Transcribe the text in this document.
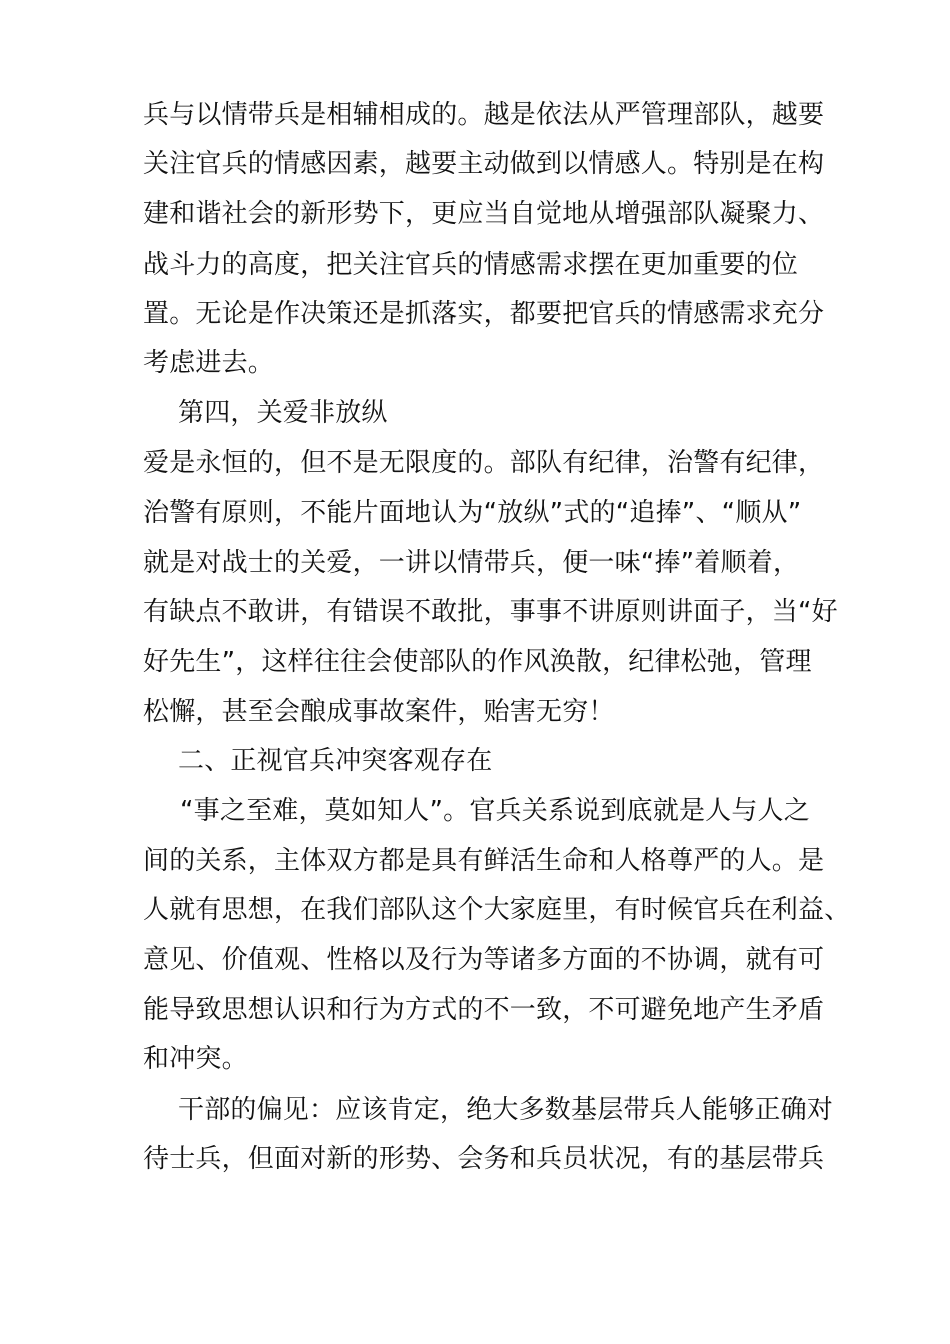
兵与以情带兵是相辅相成的。越是依法从严管理部队，越要
关注官兵的情感因素，越要主动做到以情感人。特别是在构
建和谐社会的新形势下，更应当自觉地从增强部队凝聚力、
战斗力的高度，把关注官兵的情感需求摆在更加重要的位
置。无论是作决策还是抓落实，都要把官兵的情感需求充分
考虑进去。
第四，关爱非放纵
爱是永恒的，但不是无限度的。部队有纪律，治警有纪律，
治警有原则，不能片面地认为“放纵”式的“追捧”、“顺从”
就是对战士的关爱，一讲以情带兵，便一味“捧”着顺着，
有缺点不敢讲，有错误不敢批，事事不讲原则讲面子，当“好
好先生”，这样往往会使部队的作风涣散，纪律松弛，管理
松懈，甚至会酿成事故案件，贻害无穷！
二、正视官兵冲突客观存在
“事之至难，莫如知人”。官兵关系说到底就是人与人之
间的关系，主体双方都是具有鲜活生命和人格尊严的人。是
人就有思想，在我们部队这个大家庭里，有时候官兵在利益、
意见、价值观、性格以及行为等诸多方面的不协调，就有可
能导致思想认识和行为方式的不一致，不可避免地产生矛盾
和冲突。
干部的偏见：应该肯定，绝大多数基层带兵人能够正确对
待士兵，但面对新的形势、会务和兵员状况，有的基层带兵
